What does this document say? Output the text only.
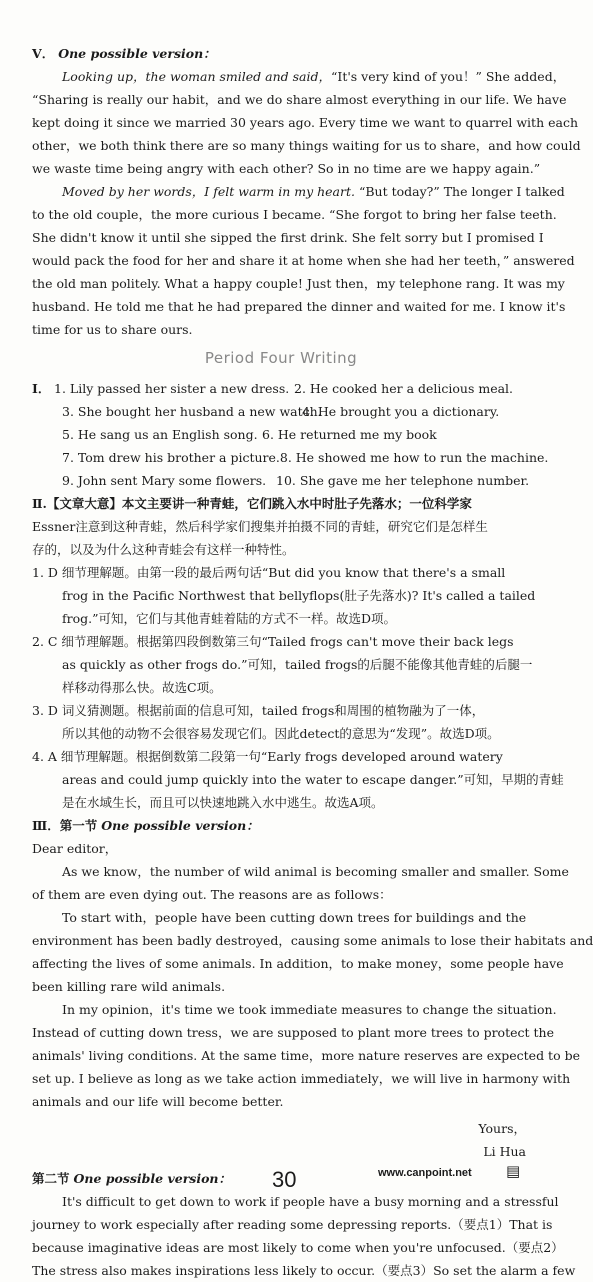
V． One possible version：
Looking up，the woman smiled and said，“It's very kind of you！” She added，
“Sharing is really our habit，and we do share almost everything in our life. We have
kept doing it since we married 30 years ago. Every time we want to quarrel with each
other，we both think there are so many things waiting for us to share，and how could
we waste time being angry with each other? So in no time are we happy again.”
Moved by her words，I felt warm in my heart. “But today?” The longer I talked
to the old couple，the more curious I became. “She forgot to bring her false teeth.
She didn't know it until she sipped the first drink. She felt sorry but I promised I
would pack the food for her and share it at home when she had her teeth，” answered
the old man politely. What a happy couple! Just then，my telephone rang. It was my
husband. He told me that he had prepared the dinner and waited for me. I know it's
time for us to share ours.
Period Four Writing
Ⅰ． 1. Lily passed her sister a new dress. 2. He cooked her a delicious meal.
3. She bought her husband a new watch.
4. He brought you a dictionary.
5. He sang us an English song. 6. He returned me my book
7. Tom drew his brother a picture. 8. He showed me how to run the machine.
9. John sent Mary some flowers. 10. She gave me her telephone number.
Ⅱ.【文章大意】本文主要讲一种青蛙，它们跳入水中时肚子先落水；一位科学家
Essner注意到这种青蛙，然后科学家们搜集并拍摄不同的青蛙，研究它们是怎样生
存的，以及为什么这种青蛙会有这样一种特性。
1. D 细节理解题。由第一段的最后两句话“But did you know that there's a small
frog in the Pacific Northwest that bellyflops(肚子先落水)? It's called a tailed
frog.”可知，它们与其他青蛙着陆的方式不一样。故选D项。
2. C 细节理解题。根据第四段倒数第三句“Tailed frogs can't move their back legs
as quickly as other frogs do.”可知，tailed frogs的后腿不能像其他青蛙的后腿一
样移动得那么快。故选C项。
3. D 词义猜测题。根据前面的信息可知，tailed frogs和周围的植物融为了一体，
所以其他的动物不会很容易发现它们。因此detect的意思为“发现”。故选D项。
4. A 细节理解题。根据倒数第二段第一句“Early frogs developed around watery
areas and could jump quickly into the water to escape danger.”可知，早期的青蛙
是在水域生长，而且可以快速地跳入水中逃生。故选A项。
Ⅲ．第一节 One possible version：
Dear editor，
As we know，the number of wild animal is becoming smaller and smaller. Some
of them are even dying out. The reasons are as follows：
To start with，people have been cutting down trees for buildings and the
environment has been badly destroyed，causing some animals to lose their habitats and
affecting the lives of some animals. In addition，to make money，some people have
been killing rare wild animals.
In my opinion，it's time we took immediate measures to change the situation.
Instead of cutting down tress，we are supposed to plant more trees to protect the
animals' living conditions. At the same time，more nature reserves are expected to be
set up. I believe as long as we take action immediately，we will live in harmony with
animals and our life will become better.
Yours，
Li Hua
第二节 One possible version：
It's difficult to get down to work if people have a busy morning and a stressful
journey to work especially after reading some depressing reports.（要点1）That is
because imaginative ideas are most likely to come when you're unfocused.（要点2）
The stress also makes inspirations less likely to occur.（要点3）So set the alarm a few
30	www.canpoint.net ▤
